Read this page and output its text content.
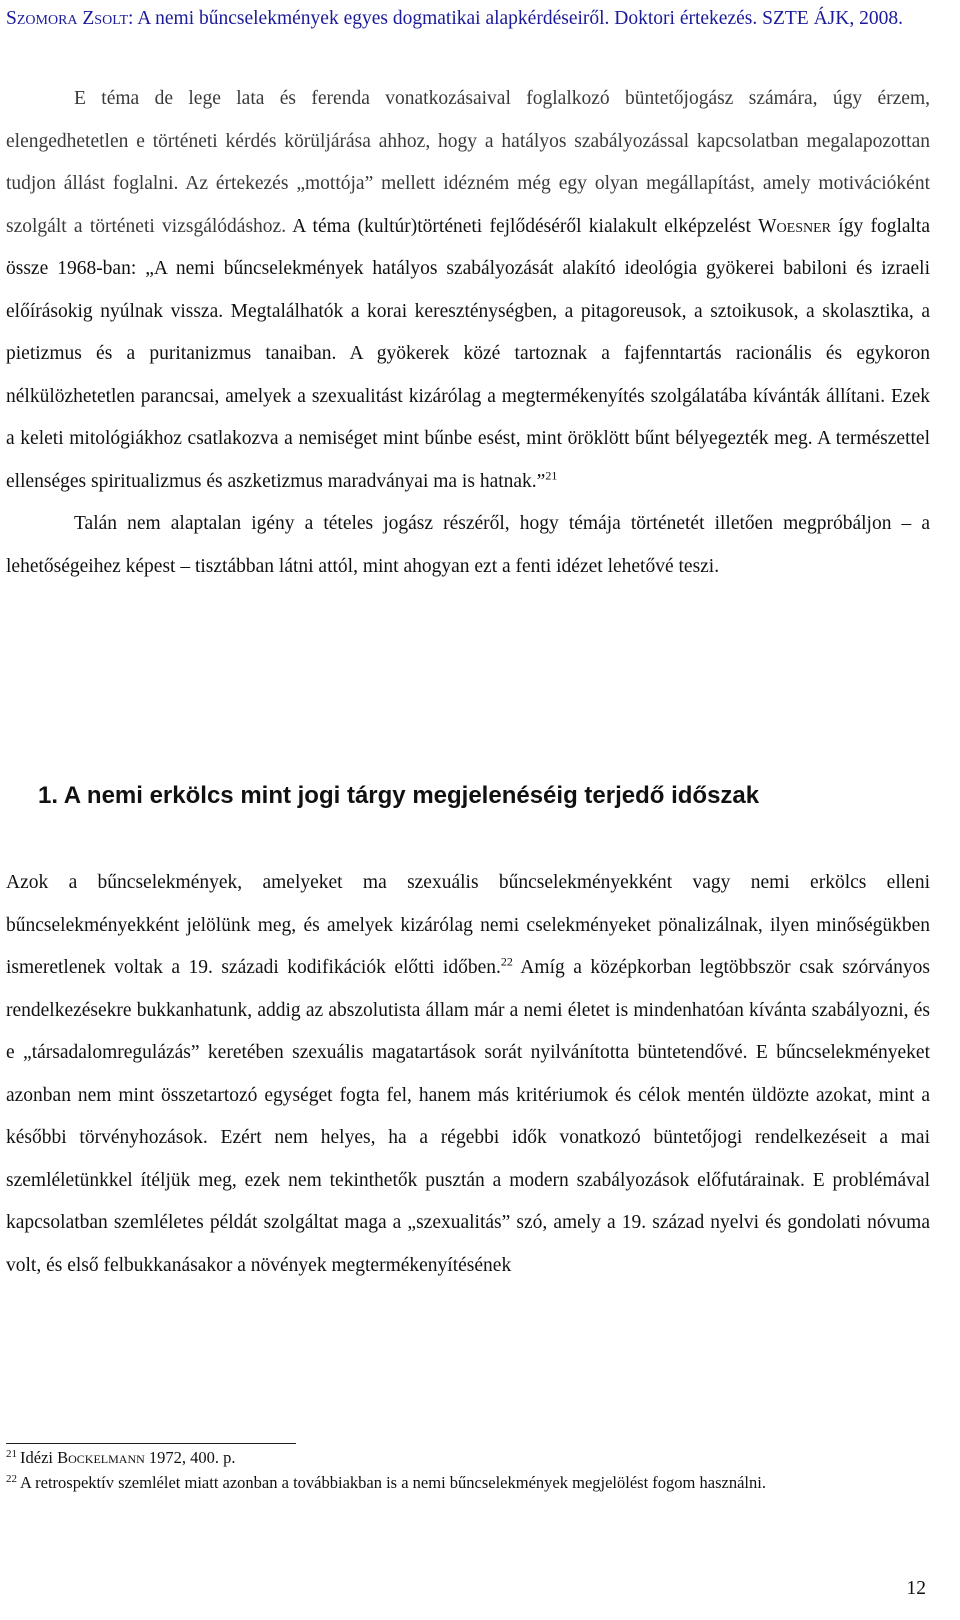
Szomora Zsolt: A nemi bűncselekmények egyes dogmatikai alapkérdéseiről. Doktori értekezés. SZTE ÁJK, 2008.

E téma de lege lata és ferenda vonatkozásaival foglalkozó büntetőjogász számára, úgy érzem, elengedhetetlen e történeti kérdés körüljárása ahhoz, hogy a hatályos szabályozással kapcsolatban megalapozottan tudjon állást foglalni. Az értekezés „mottója” mellett idézném még egy olyan megállapítást, amely motivációként szolgált a történeti vizsgálódáshoz. A téma (kultúr)történeti fejlődéséről kialakult elképzelést Woesner így foglalta össze 1968-ban: „A nemi bűncselekmények hatályos szabályozását alakító ideológia gyökerei babiloni és izraeli előírásokig nyúlnak vissza. Megtalálhatók a korai kereszténységben, a pitagoreusok, a sztoikusok, a skolasztika, a pietizmus és a puritanizmus tanaiban. A gyökerek közé tartoznak a fajfenntartás racionális és egykoron nélkülözhetetlen parancsai, amelyek a szexualitást kizárólag a megtermékenyítés szolgálatába kívánták állítani. Ezek a keleti mitológiákhoz csatlakozva a nemiséget mint bűnbe esést, mint öröklött bűnt bélyegezték meg. A természettel ellenséges spiritualizmus és aszketizmus maradványai ma is hatnak.”$^{21}$

Talán nem alaptalan igény a tételes jogász részéről, hogy témája történetét illetően megpróbáljon – a lehetőségeihez képest – tisztábban látni attól, mint ahogyan ezt a fenti idézet lehetővé teszi.

1. A nemi erkölcs mint jogi tárgy megjelenéséig terjedő időszak

Azok a bűncselekmények, amelyeket ma szexuális bűncselekményekként vagy nemi erkölcs elleni bűncselekményekként jelölünk meg, és amelyek kizárólag nemi cselekményeket pönalizálnak, ilyen minőségükben ismeretlenek voltak a 19. századi kodifikációk előtti időben.$^{22}$ Amíg a középkorban legtöbbször csak szórványos rendelkezésekre bukkanhatunk, addig az abszolutista állam már a nemi életet is mindenhatóan kívánta szabályozni, és e „társadalomregulázás” keretében szexuális magatartások sorát nyilvánította büntetendővé. E bűncselekményeket azonban nem mint összetartozó egységet fogta fel, hanem más kritériumok és célok mentén üldözte azokat, mint a későbbi törvényhozások. Ezért nem helyes, ha a régebbi idők vonatkozó büntetőjogi rendelkezéseit a mai szemléletünkkel ítéljük meg, ezek nem tekinthetők pusztán a modern szabályozások előfutárainak. E problémával kapcsolatban szemléletes példát szolgáltat maga a „szexualitás” szó, amely a 19. század nyelvi és gondolati nóvuma volt, és első felbukkanásakor a növények megtermékenyítésének

$^{21}$ Idézi Bockelmann 1972, 400. p.

$^{22}$ A retrospektív szemlélet miatt azonban a továbbiakban is a nemi bűncselekmények megjelölést fogom használni.

12
